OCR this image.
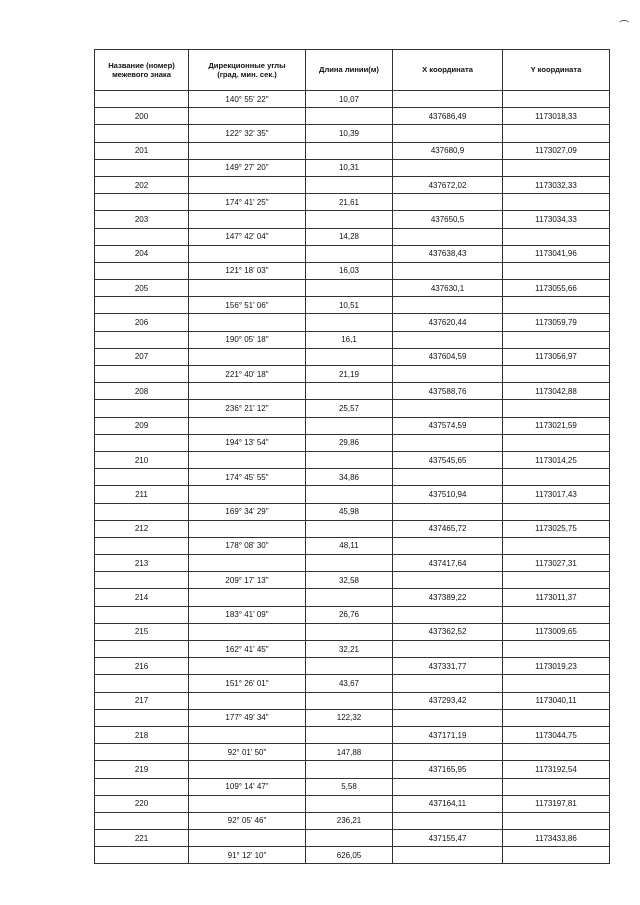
(
Название (номер)
межевого знака	Дирекционные углы
(град. мин. сек.)	Длина линии(м)	X координата	Y координата

	140° 55' 22"	10,07		
200			437686,49	1173018,33
	122° 32' 35"	10,39		
201			437680,9	1173027,09
	149° 27' 20"	10,31		
202			437672,02	1173032,33
	174° 41' 25"	21,61		
203			437650,5	1173034,33
	147° 42' 04"	14,28		
204			437638,43	1173041,96
	121° 18' 03"	16,03		
205			437630,1	1173055,66
	156° 51' 06"	10,51		
206			437620,44	1173059,79
	190° 05' 18"	16,1		
207			437604,59	1173056,97
	221° 40' 18"	21,19		
208			437588,76	1173042,88
	236° 21' 12"	25,57		
209			437574,59	1173021,59
	194° 13' 54"	29,86		
210			437545,65	1173014,25
	174° 45' 55"	34,86		
211			437510,94	1173017,43
	169° 34' 29"	45,98		
212			437465,72	1173025,75
	178° 08' 30"	48,11		
213			437417,64	1173027,31
	209° 17' 13"	32,58		
214			437389,22	1173011,37
	183° 41' 09"	26,76		
215			437362,52	1173009,65
	162° 41' 45"	32,21		
216			437331,77	1173019,23
	151° 26' 01"	43,67		
217			437293,42	1173040,11
	177° 49' 34"	122,32		
218			437171,19	1173044,75
	92° 01' 50"	147,88		
219			437165,95	1173192,54
	109° 14' 47"	5,58		
220			437164,11	1173197,81
	92° 05' 46"	236,21		
221			437155,47	1173433,86
	91° 12' 10"	626,05		
